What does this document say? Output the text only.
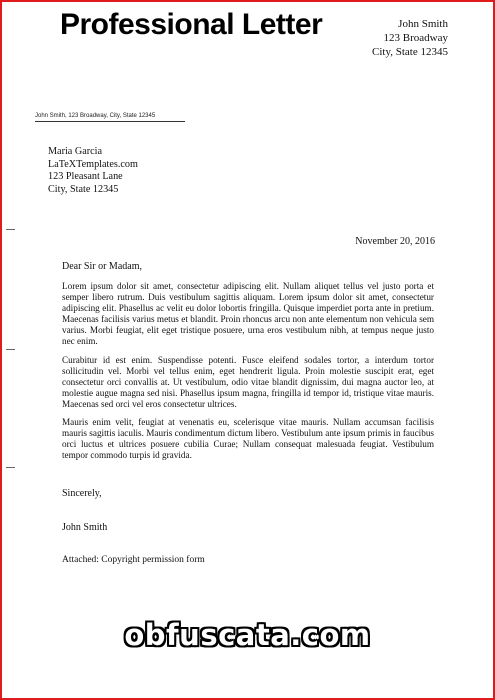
Professional Letter	John Smith
123 Broadway
City, State 12345
John Smith, 123 Broadway, City, State 12345
Maria Garcia
LaTeXTemplates.com
123 Pleasant Lane
City, State 12345
November 20, 2016
Dear Sir or Madam,

Lorem ipsum dolor sit amet, consectetur adipiscing elit. Nullam aliquet tellus vel justo porta et semper libero rutrum. Duis vestibulum sagittis aliquam. Lorem ipsum dolor sit amet, consectetur adipiscing elit. Phasellus ac velit eu dolor lobortis fringilla. Quisque imperdiet porta ante in pretium. Maecenas facilisis varius metus et blandit. Proin rhoncus arcu non ante elementum non vehicula sem varius. Morbi feugiat, elit eget tristique posuere, urna eros vestibulum nibh, at tempus neque justo nec enim.

Curabitur id est enim. Suspendisse potenti. Fusce eleifend sodales tortor, a interdum tortor sollicitudin vel. Morbi vel tellus enim, eget hendrerit ligula. Proin molestie suscipit erat, eget consectetur orci convallis at. Ut vestibulum, odio vitae blandit dignissim, dui magna auctor leo, at molestie augue magna sed nisi. Phasellus ipsum magna, fringilla id tempor id, tristique vitae mauris. Maecenas sed orci vel eros consectetur ultrices.

Mauris enim velit, feugiat at venenatis eu, scelerisque vitae mauris. Nullam accumsan facilisis mauris sagittis iaculis. Mauris condimentum dictum libero. Vestibulum ante ipsum primis in faucibus orci luctus et ultrices posuere cubilia Curae; Nullam consequat malesuada feugiat. Vestibulum tempor commodo turpis id gravida.

Sincerely,
John Smith
Attached: Copyright permission form
obfuscata.com
